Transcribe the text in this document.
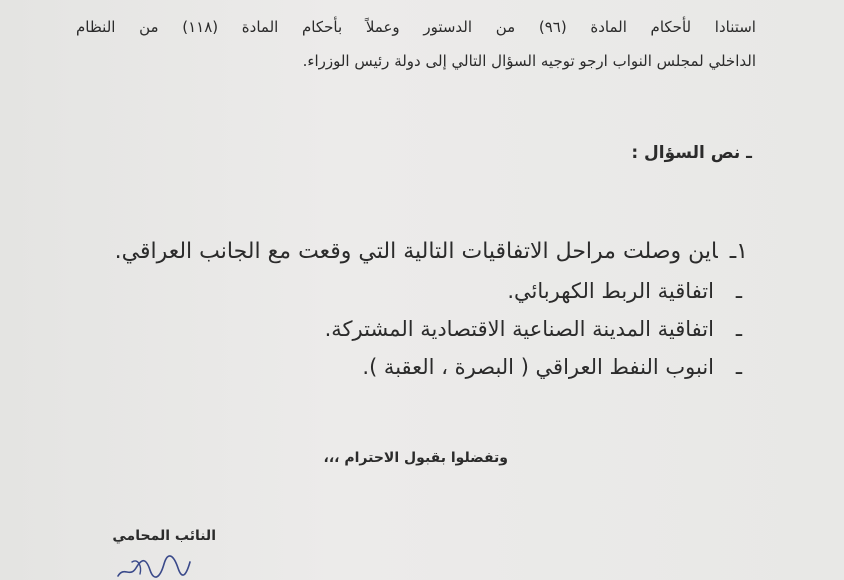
استنادا لأحكام المادة (٩٦) من الدستور وعملاً بأحكام المادة (١١٨) من النظام
الداخلي لمجلس النواب ارجو توجيه السؤال التالي إلى دولة رئيس الوزراء.
ـ نص السؤال :
١ـاين وصلت مراحل الاتفاقيات التالية التي وقعت مع الجانب العراقي.
ـاتفاقية الربط الكهربائي.
ـاتفاقية المدينة الصناعية الاقتصادية المشتركة.
ـانبوب النفط العراقي ( البصرة ، العقبة ).
وتفضلوا بقبول الاحترام ،،،
النائب المحامي
